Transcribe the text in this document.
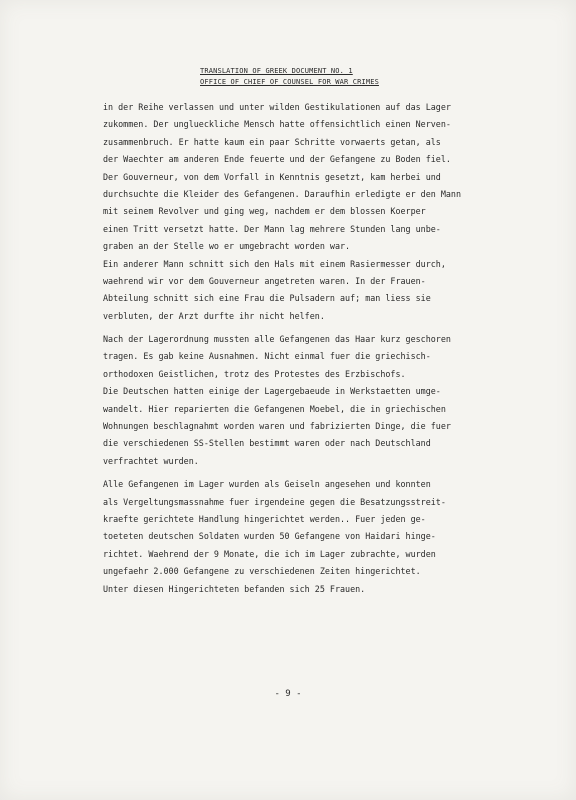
TRANSLATION OF GREEK DOCUMENT NO. 1
OFFICE OF CHIEF OF COUNSEL FOR WAR CRIMES
in der Reihe verlassen und unter wilden Gestikulationen auf das Lager
zukommen. Der unglueckliche Mensch hatte offensichtlich einen Nerven-
zusammenbruch. Er hatte kaum ein paar Schritte vorwaerts getan, als
der Waechter am anderen Ende feuerte und der Gefangene zu Boden fiel.
Der Gouverneur, von dem Vorfall in Kenntnis gesetzt, kam herbei und
durchsuchte die Kleider des Gefangenen. Daraufhin erledigte er den Mann
mit seinem Revolver und ging weg, nachdem er dem blossen Koerper
einen Tritt versetzt hatte. Der Mann lag mehrere Stunden lang unbe-
graben an der Stelle wo er umgebracht worden war.
Ein anderer Mann schnitt sich den Hals mit einem Rasiermesser durch,
waehrend wir vor dem Gouverneur angetreten waren. In der Frauen-
Abteilung schnitt sich eine Frau die Pulsadern auf; man liess sie
verbluten, der Arzt durfte ihr nicht helfen.
Nach der Lagerordnung mussten alle Gefangenen das Haar kurz geschoren
tragen. Es gab keine Ausnahmen. Nicht einmal fuer die griechisch-
orthodoxen Geistlichen, trotz des Protestes des Erzbischofs.
Die Deutschen hatten einige der Lagergebaeude in Werkstaetten umge-
wandelt. Hier reparierten die Gefangenen Moebel, die in griechischen
Wohnungen beschlagnahmt worden waren und fabrizierten Dinge, die fuer
die verschiedenen SS-Stellen bestimmt waren oder nach Deutschland
verfrachtet wurden.
Alle Gefangenen im Lager wurden als Geiseln angesehen und konnten
als Vergeltungsmassnahme fuer irgendeine gegen die Besatzungsstreit-
kraefte gerichtete Handlung hingerichtet werden.. Fuer jeden ge-
toeteten deutschen Soldaten wurden 50 Gefangene von Haidari hinge-
richtet. Waehrend der 9 Monate, die ich im Lager zubrachte, wurden
ungefaehr 2.000 Gefangene zu verschiedenen Zeiten hingerichtet.
Unter diesen Hingerichteten befanden sich 25 Frauen.
- 9 -
